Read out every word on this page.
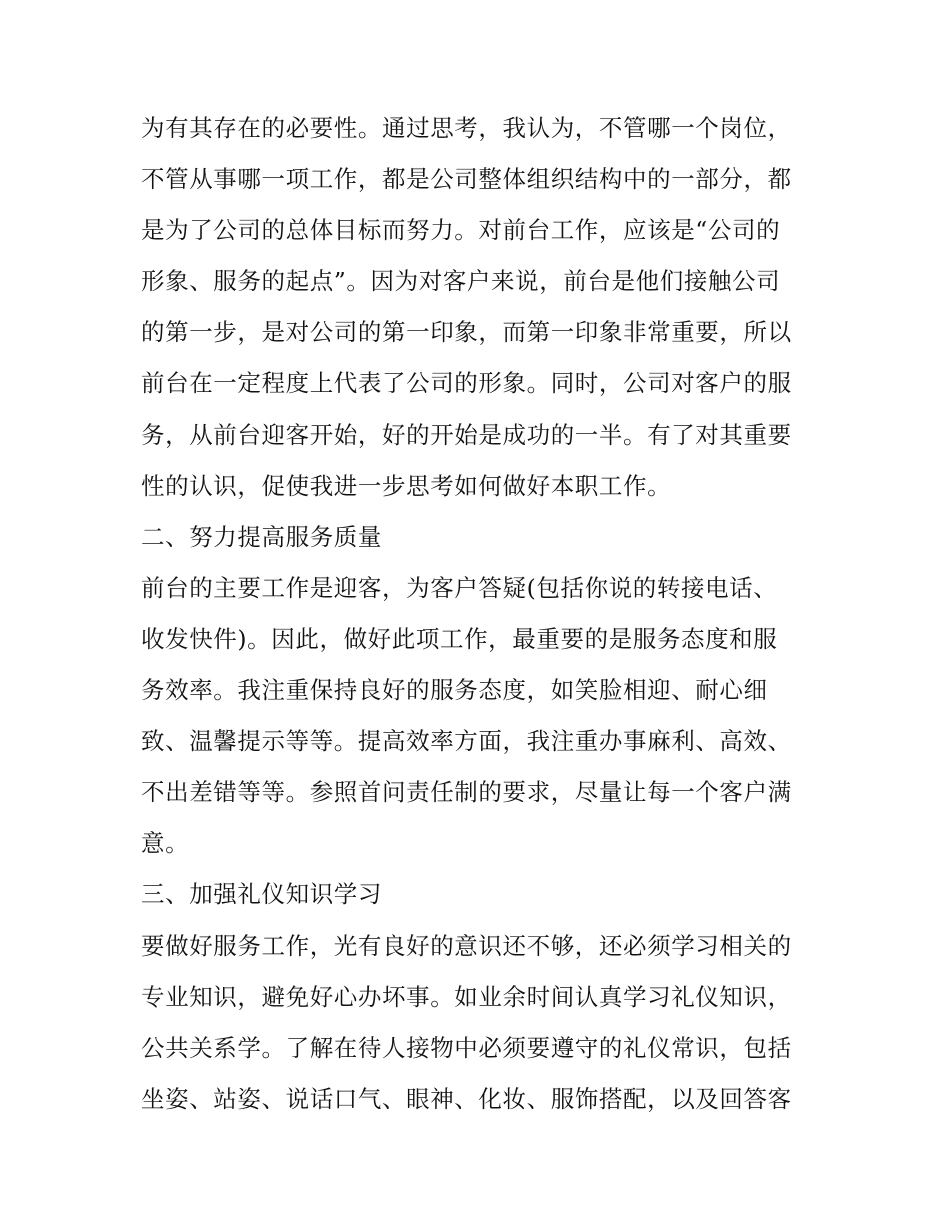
为有其存在的必要性。通过思考，我认为，不管哪一个岗位，
不管从事哪一项工作，都是公司整体组织结构中的一部分，都
是为了公司的总体目标而努力。对前台工作，应该是“公司的
形象、服务的起点”。因为对客户来说，前台是他们接触公司
的第一步，是对公司的第一印象，而第一印象非常重要，所以
前台在一定程度上代表了公司的形象。同时，公司对客户的服
务，从前台迎客开始，好的开始是成功的一半。有了对其重要
性的认识，促使我进一步思考如何做好本职工作。
二、努力提高服务质量
前台的主要工作是迎客，为客户答疑(包括你说的转接电话、
收发快件)。因此，做好此项工作，最重要的是服务态度和服
务效率。我注重保持良好的服务态度，如笑脸相迎、耐心细
致、温馨提示等等。提高效率方面，我注重办事麻利、高效、
不出差错等等。参照首问责任制的要求，尽量让每一个客户满
意。
三、加强礼仪知识学习
要做好服务工作，光有良好的意识还不够，还必须学习相关的
专业知识，避免好心办坏事。如业余时间认真学习礼仪知识，
公共关系学。了解在待人接物中必须要遵守的礼仪常识，包括
坐姿、站姿、说话口气、眼神、化妆、服饰搭配，以及回答客
